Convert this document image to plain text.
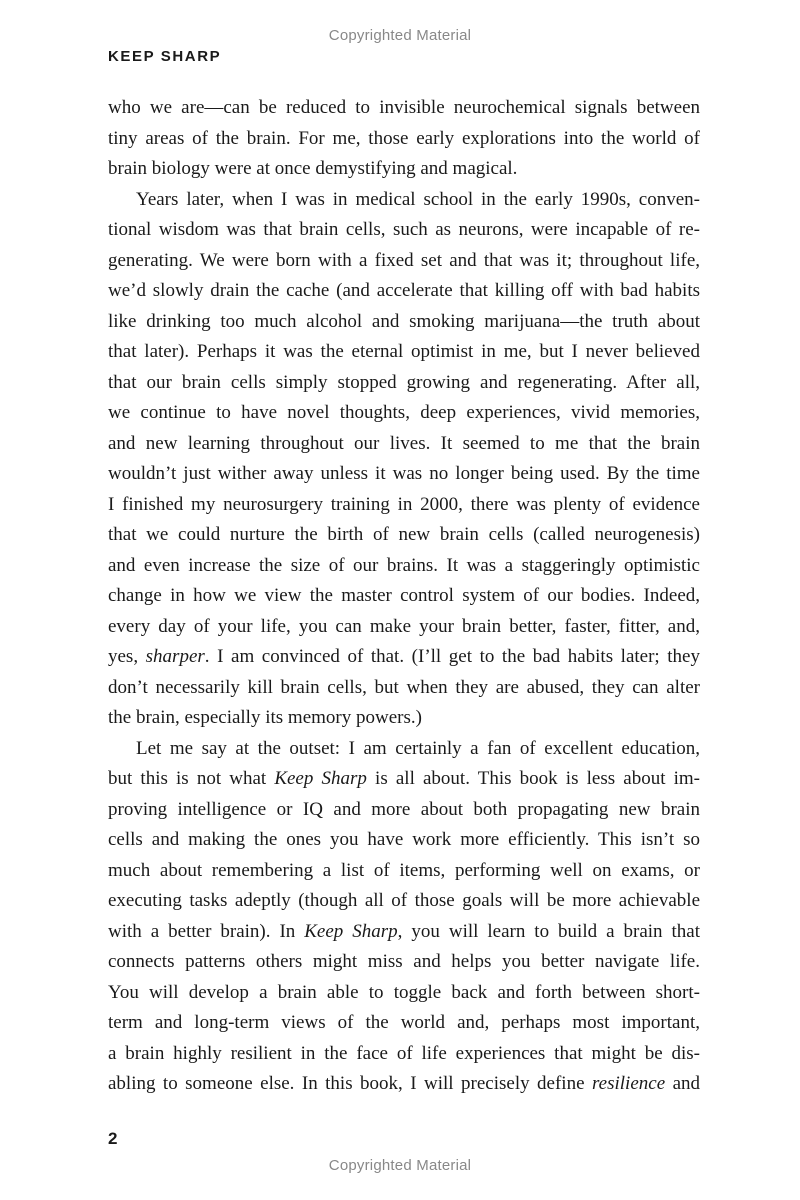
Copyrighted Material
KEEP SHARP
who we are—can be reduced to invisible neurochemical signals between
tiny areas of the brain. For me, those early explorations into the world of
brain biology were at once demystifying and magical.
Years later, when I was in medical school in the early 1990s, conven-
tional wisdom was that brain cells, such as neurons, were incapable of re-
generating. We were born with a fixed set and that was it; throughout life,
we’d slowly drain the cache (and accelerate that killing off with bad habits
like drinking too much alcohol and smoking marijuana—the truth about
that later). Perhaps it was the eternal optimist in me, but I never believed
that our brain cells simply stopped growing and regenerating. After all,
we continue to have novel thoughts, deep experiences, vivid memories,
and new learning throughout our lives. It seemed to me that the brain
wouldn’t just wither away unless it was no longer being used. By the time
I finished my neurosurgery training in 2000, there was plenty of evidence
that we could nurture the birth of new brain cells (called neurogenesis)
and even increase the size of our brains. It was a staggeringly optimistic
change in how we view the master control system of our bodies. Indeed,
every day of your life, you can make your brain better, faster, fitter, and,
yes, sharper. I am convinced of that. (I’ll get to the bad habits later; they
don’t necessarily kill brain cells, but when they are abused, they can alter
the brain, especially its memory powers.)
Let me say at the outset: I am certainly a fan of excellent education,
but this is not what Keep Sharp is all about. This book is less about im-
proving intelligence or IQ and more about both propagating new brain
cells and making the ones you have work more efficiently. This isn’t so
much about remembering a list of items, performing well on exams, or
executing tasks adeptly (though all of those goals will be more achievable
with a better brain). In Keep Sharp, you will learn to build a brain that
connects patterns others might miss and helps you better navigate life.
You will develop a brain able to toggle back and forth between short-
term and long-term views of the world and, perhaps most important,
a brain highly resilient in the face of life experiences that might be dis-
abling to someone else. In this book, I will precisely define resilience and
2
Copyrighted Material
